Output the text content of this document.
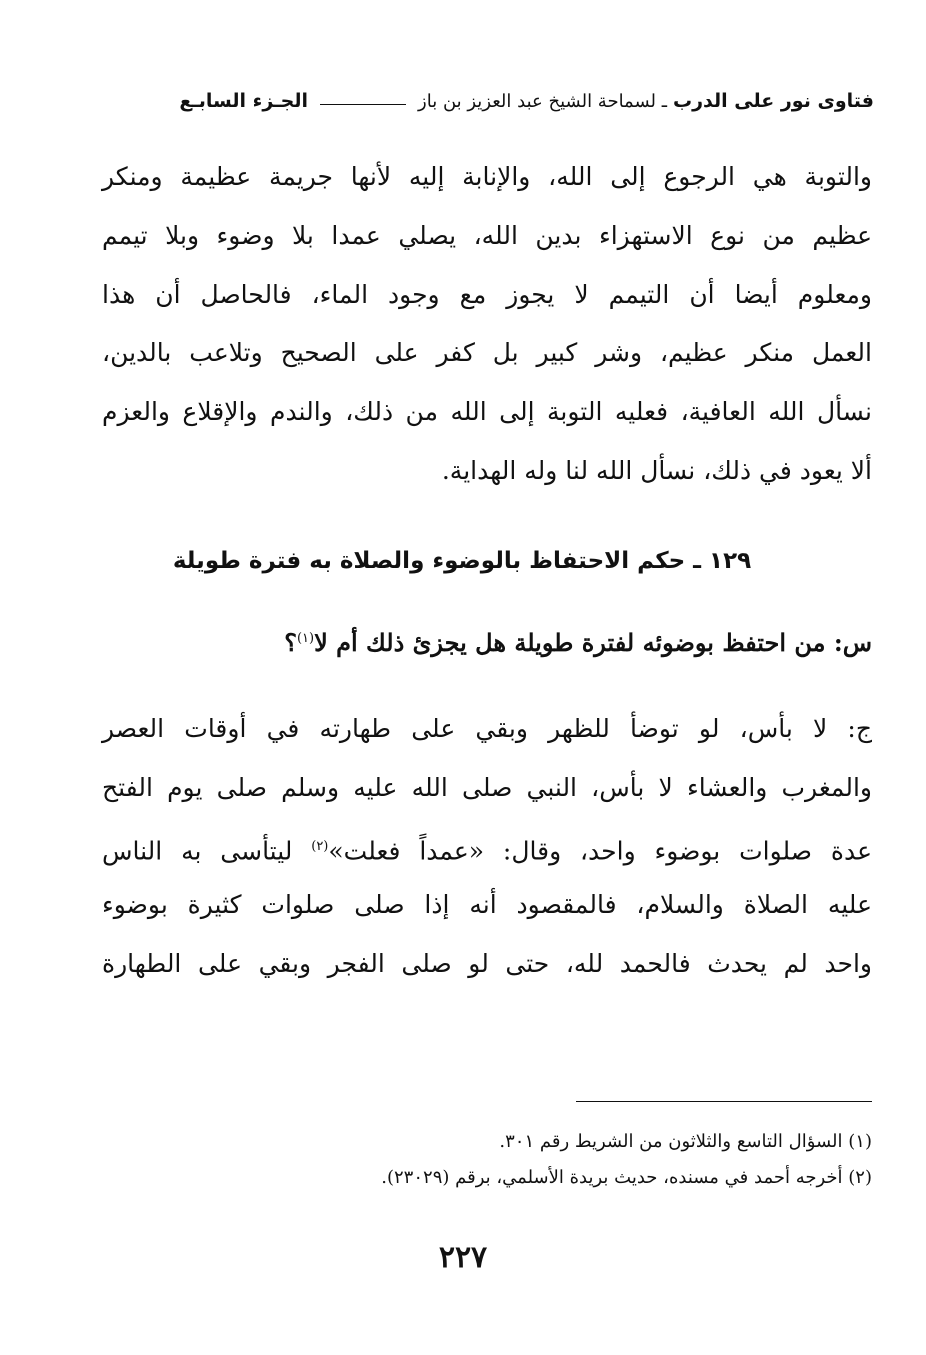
فتاوى نور على الدرب
ـ لسماحة الشيخ عبد العزيز بن باز
الجـزء السابـع
والتوبة هي الرجوع إلى الله، والإنابة إليه لأنها جريمة عظيمة ومنكر
عظيم من نوع الاستهزاء بدين الله، يصلي عمدا بلا وضوء وبلا تيمم
ومعلوم أيضا أن التيمم لا يجوز مع وجود الماء، فالحاصل أن هذا
العمل منكر عظيم، وشر كبير بل كفر على الصحيح وتلاعب بالدين،
نسأل الله العافية، فعليه التوبة إلى الله من ذلك، والندم والإقلاع والعزم
ألا يعود في ذلك، نسأل الله لنا وله الهداية.
١٢٩ ـ حكم الاحتفاظ بالوضوء والصلاة به فترة طويلة
س: من احتفظ بوضوئه لفترة طويلة هل يجزئ ذلك أم لا$^{(١)}$؟
ج: لا بأس، لو توضأ للظهر وبقي على طهارته في أوقات العصر
والمغرب والعشاء لا بأس، النبي صلى الله عليه وسلم صلى يوم الفتح
عدة صلوات بوضوء واحد، وقال: «عمداً فعلت»$^{(٢)}$ ليتأسى به الناس
عليه الصلاة والسلام، فالمقصود أنه إذا صلى صلوات كثيرة بوضوء
واحد لم يحدث فالحمد لله، حتى لو صلى الفجر وبقي على الطهارة
(١) السؤال التاسع والثلاثون من الشريط رقم ٣٠١.
(٢) أخرجه أحمد في مسنده، حديث بريدة الأسلمي، برقم (٢٣٠٢٩).
٢٢٧
